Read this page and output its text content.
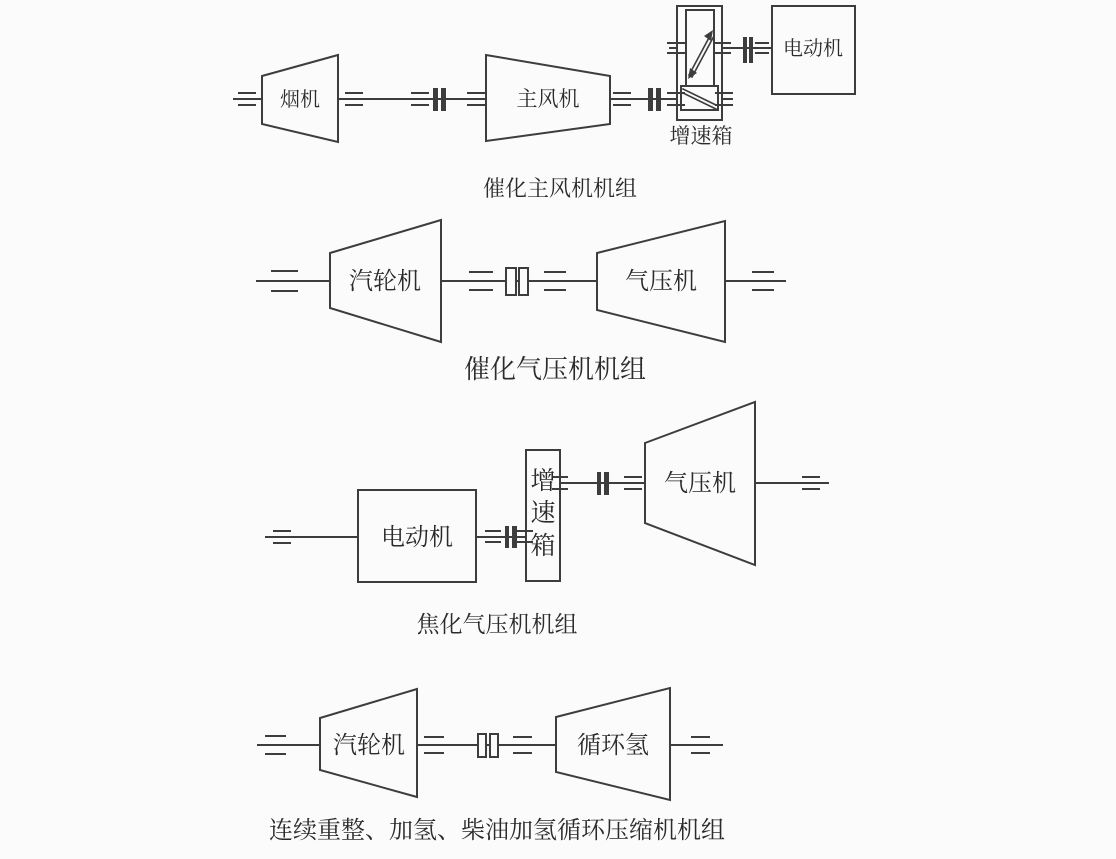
烟机	主风机
增速箱
电动机
催化主风机机组
汽轮机	气压机
催化气压机机组
电动机
增
速
箱
气压机
焦化气压机机组
汽轮机	循环氢
连续重整、加氢、柴油加氢循环压缩机机组
